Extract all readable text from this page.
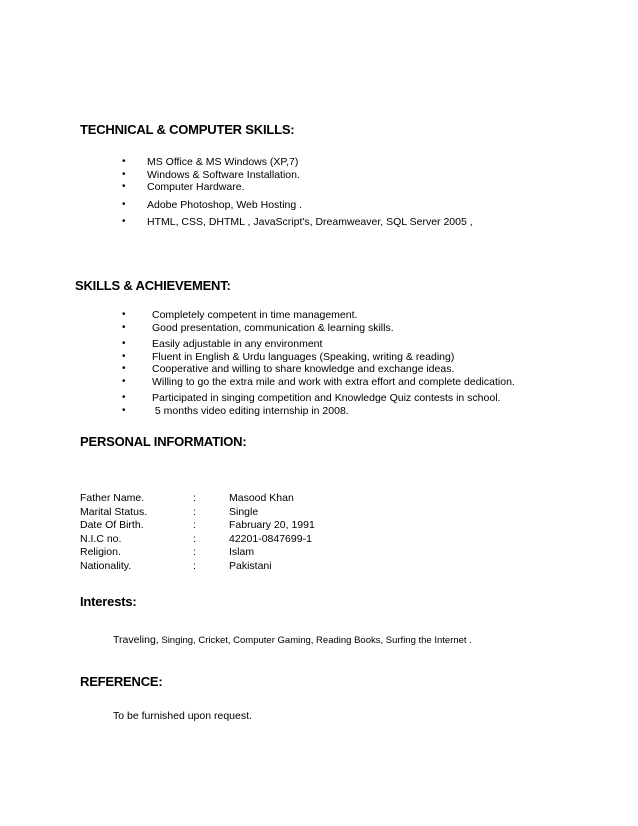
TECHNICAL & COMPUTER SKILLS:
• MS Office & MS Windows (XP,7)
• Windows & Software Installation.
• Computer Hardware.
• Adobe Photoshop, Web Hosting .
• HTML, CSS, DHTML , JavaScript's, Dreamweaver, SQL Server 2005 ,
SKILLS & ACHIEVEMENT:
•	Completely competent in time management.
•	Good presentation, communication & learning skills.
•	Easily adjustable in any environment
•	Fluent in English & Urdu languages (Speaking, writing & reading)
•	Cooperative and willing to share knowledge and exchange ideas.
•	Willing to go the extra mile and work with extra effort and complete dedication.
•	Participated in singing competition and Knowledge Quiz contests in school.
•	5 months video editing internship in 2008.
PERSONAL INFORMATION:
Father Name.	:	Masood Khan
Marital Status.	:	Single
Date Of Birth.	:	Fabruary 20, 1991
N.I.C no.	:	42201-0847699-1
Religion.	:	Islam
Nationality.	:	Pakistani
Interests:

Traveling, Singing, Cricket, Computer Gaming, Reading Books, Surfing the Internet .

REFERENCE:

To be furnished upon request.
